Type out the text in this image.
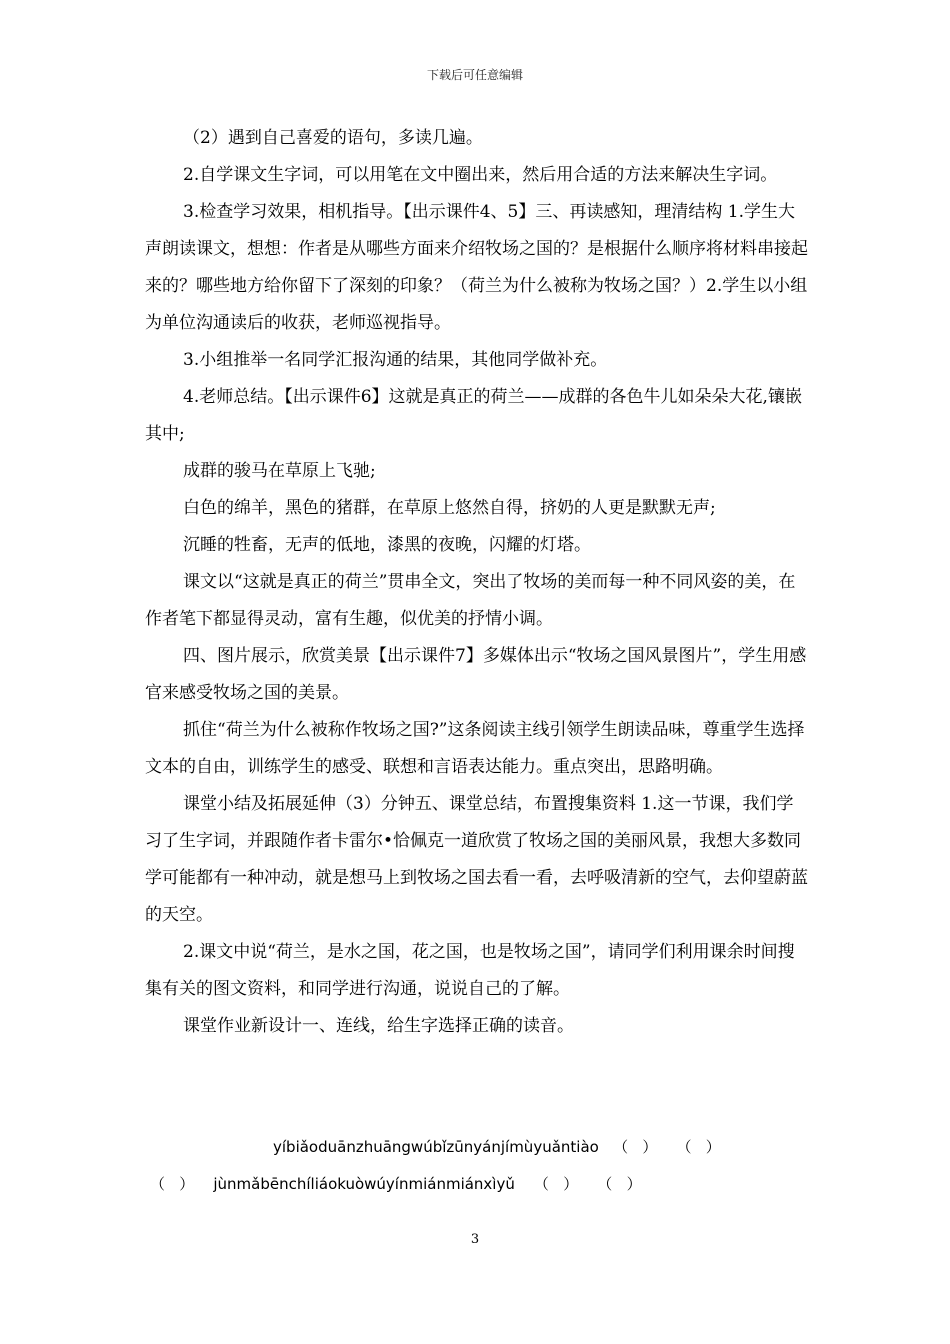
下载后可任意编辑

（2）遇到自己喜爱的语句，多读几遍。

2.自学课文生字词，可以用笔在文中圈出来，然后用合适的方法来解决生字词。

3.检查学习效果，相机指导。【出示课件4、5】三、再读感知，理清结构 1.学生大声朗读课文，想想：作者是从哪些方面来介绍牧场之国的？是根据什么顺序将材料串接起来的？哪些地方给你留下了深刻的印象？（荷兰为什么被称为牧场之国？）2.学生以小组为单位沟通读后的收获，老师巡视指导。

3.小组推举一名同学汇报沟通的结果，其他同学做补充。

4.老师总结。【出示课件6】这就是真正的荷兰——成群的各色牛儿如朵朵大花,镶嵌其中;

成群的骏马在草原上飞驰;

白色的绵羊，黑色的猪群，在草原上悠然自得，挤奶的人更是默默无声;

沉睡的牲畜，无声的低地，漆黑的夜晚，闪耀的灯塔。

课文以“这就是真正的荷兰”贯串全文，突出了牧场的美而每一种不同风姿的美，在作者笔下都显得灵动，富有生趣，似优美的抒情小调。

四、图片展示，欣赏美景【出示课件7】多媒体出示“牧场之国风景图片”，学生用感官来感受牧场之国的美景。

抓住“荷兰为什么被称作牧场之国?”这条阅读主线引领学生朗读品味，尊重学生选择文本的自由，训练学生的感受、联想和言语表达能力。重点突出，思路明确。

课堂小结及拓展延伸（3）分钟五、课堂总结，布置搜集资料 1.这一节课，我们学习了生字词，并跟随作者卡雷尔•恰佩克一道欣赏了牧场之国的美丽风景，我想大多数同学可能都有一种冲动，就是想马上到牧场之国去看一看，去呼吸清新的空气，去仰望蔚蓝的天空。

2.课文中说“荷兰，是水之国，花之国，也是牧场之国”，请同学们利用课余时间搜集有关的图文资料，和同学进行沟通，说说自己的了解。

课堂作业新设计一、连线，给生字选择正确的读音。

yíbiǎoduānzhuāngwúbǐzūnyánjímùyuǎntiào   （   ）    （   ）
（   ）    jùnmǎbēnchíliáokuòwúyínmiánmiánxìyǔ    （   ）    （   ）
3
